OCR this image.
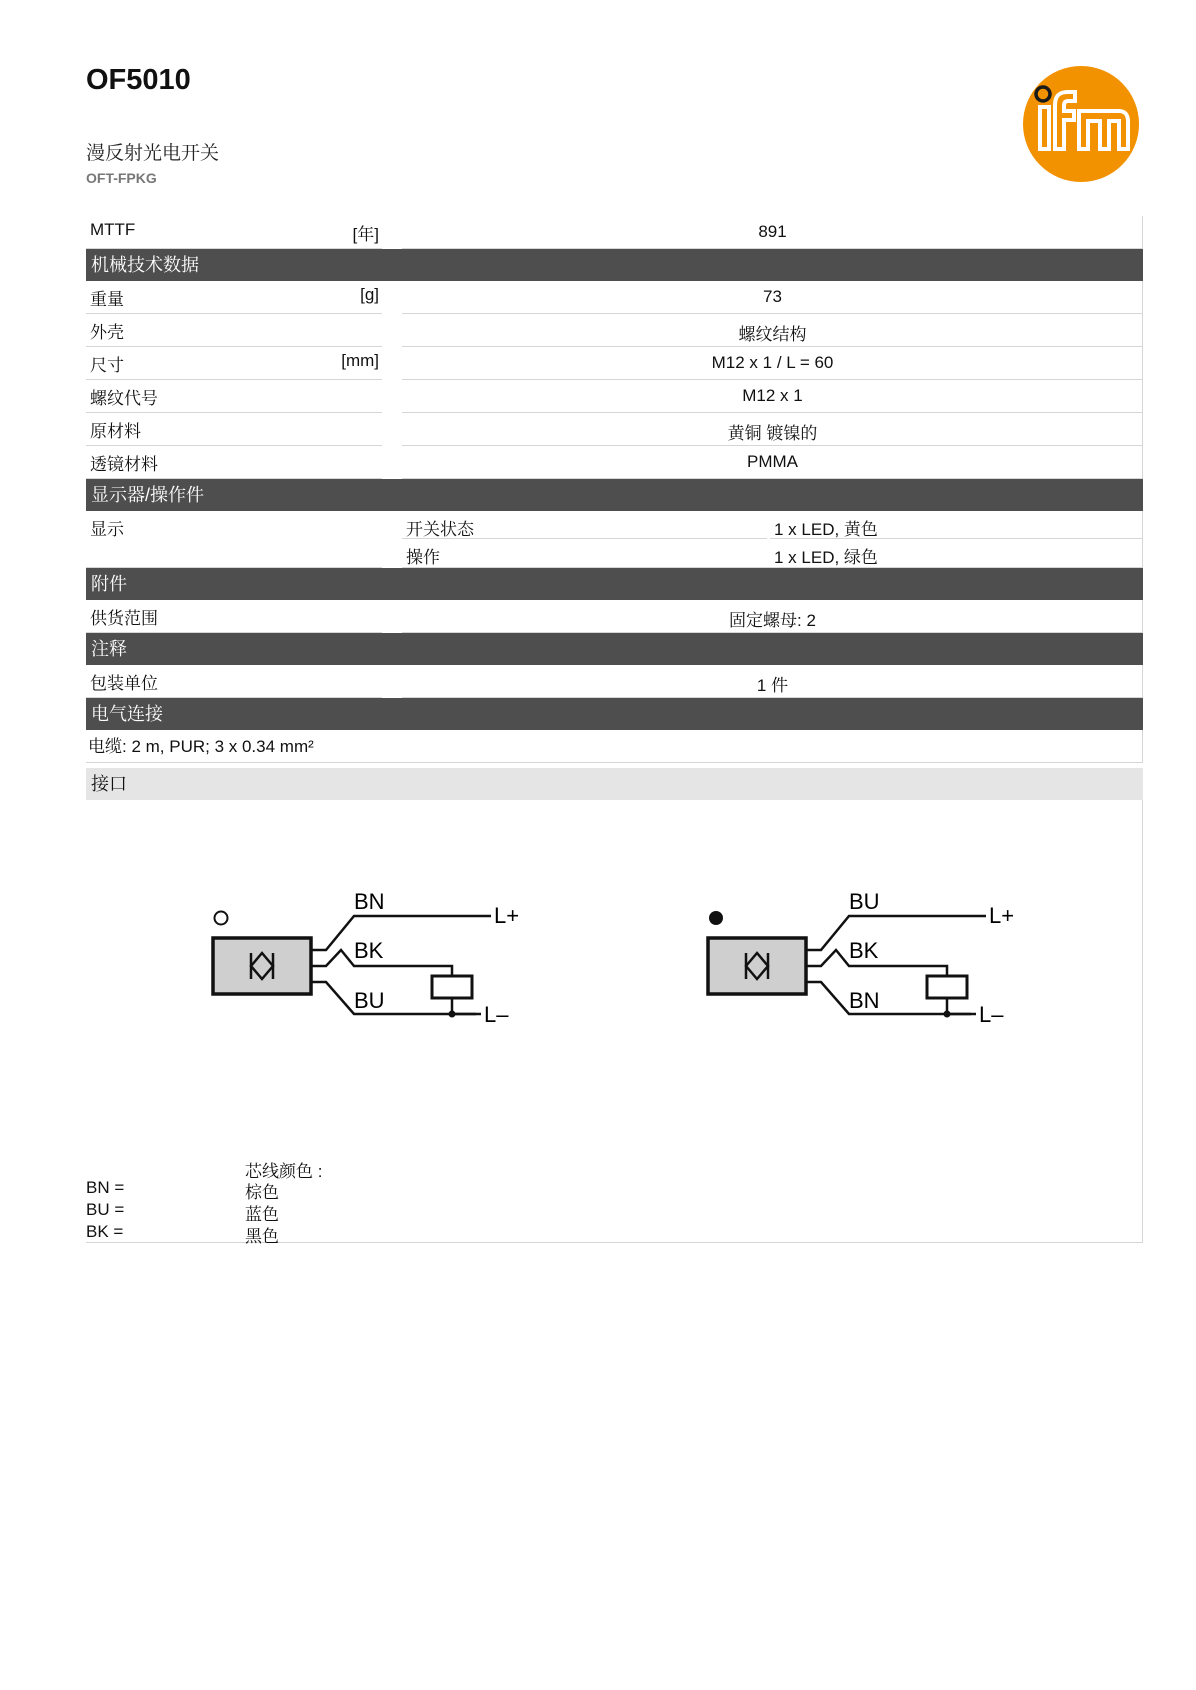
OF5010
漫反射光电开关
OFT-FPKG
MTTF	[年]	891
机械技术数据
重量	[g]	73
外壳	螺纹结构
尺寸	[mm]	M12 x 1 / L = 60
螺纹代号	M12 x 1
原材料	黄铜 镀镍的
透镜材料	PMMA
显示器/操作件
显示	开关状态	1 x LED, 黄色
操作	1 x LED, 绿色
附件
供货范围	固定螺母: 2
注释
包装单位	1 件
电气连接
电缆: 2 m, PUR; 3 x 0.34 mm²
接口
BN
BK
BU
L+
L–
BU
BK
BN
L+
L–
芯线颜色 :
BN =	棕色
BU =	蓝色
BK =	黑色
